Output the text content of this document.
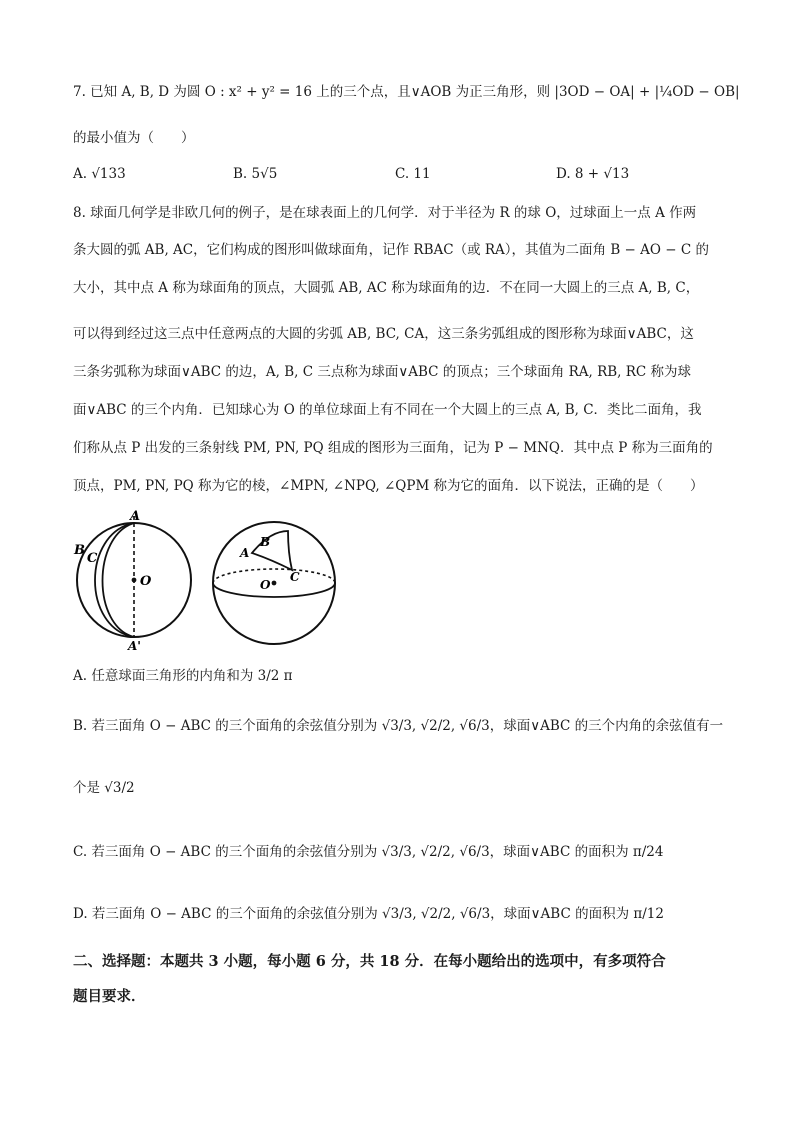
7. 已知 A, B, D 为圆 O : x² + y² = 16 上的三个点，且∨AOB 为正三角形，则 |3OD − OA| + |¼OD − OB|
的最小值为（　　）
A. √133	B. 5√5	C. 11	D. 8 + √13
8. 球面几何学是非欧几何的例子，是在球表面上的几何学．对于半径为 R 的球 O，过球面上一点 A 作两
条大圆的弧 AB, AC，它们构成的图形叫做球面角，记作 RBAC（或 RA），其值为二面角 B − AO − C 的
大小，其中点 A 称为球面角的顶点，大圆弧 AB, AC 称为球面角的边．不在同一大圆上的三点 A, B, C，
可以得到经过这三点中任意两点的大圆的劣弧 AB, BC, CA，这三条劣弧组成的图形称为球面∨ABC，这
三条劣弧称为球面∨ABC 的边，A, B, C 三点称为球面∨ABC 的顶点；三个球面角 RA, RB, RC 称为球
面∨ABC 的三个内角．已知球心为 O 的单位球面上有不同在一个大圆上的三点 A, B, C．类比二面角，我
们称从点 P 出发的三条射线 PM, PN, PQ 组成的图形为三面角，记为 P − MNQ．其中点 P 称为三面角的
顶点，PM, PN, PQ 称为它的棱，∠MPN, ∠NPQ, ∠QPM 称为它的面角．以下说法，正确的是（　　）
A
A'
B
C
O
A
B
C
O
A. 任意球面三角形的内角和为 3/2 π
B. 若三面角 O − ABC 的三个面角的余弦值分别为 √3/3, √2/2, √6/3，球面∨ABC 的三个内角的余弦值有一
个是 √3/2
C. 若三面角 O − ABC 的三个面角的余弦值分别为 √3/3, √2/2, √6/3，球面∨ABC 的面积为 π/24
D. 若三面角 O − ABC 的三个面角的余弦值分别为 √3/3, √2/2, √6/3，球面∨ABC 的面积为 π/12
二、选择题：本题共 3 小题，每小题 6 分，共 18 分．在每小题给出的选项中，有多项符合
题目要求．
